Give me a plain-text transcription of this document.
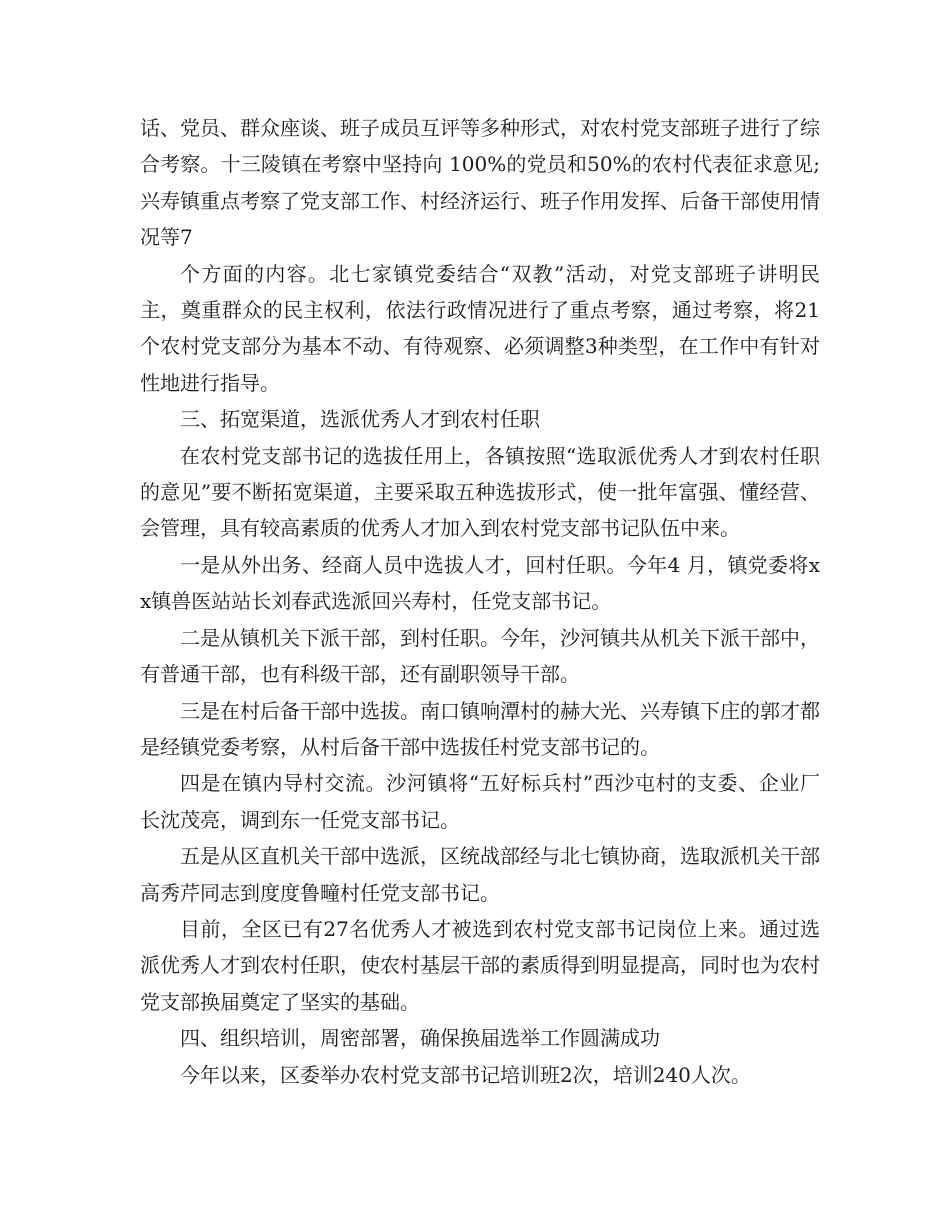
话、党员、群众座谈、班子成员互评等多种形式，对农村党支部班子进行了综合考察。十三陵镇在考察中坚持向 100%的党员和50%的农村代表征求意见;兴寿镇重点考察了党支部工作、村经济运行、班子作用发挥、后备干部使用情况等7

个方面的内容。北七家镇党委结合“双教”活动，对党支部班子讲明民主，奠重群众的民主权利，依法行政情况进行了重点考察，通过考察，将21个农村党支部分为基本不动、有待观察、必须调整3种类型，在工作中有针对性地进行指导。

三、拓宽渠道，选派优秀人才到农村任职

在农村党支部书记的选拔任用上，各镇按照“选取派优秀人才到农村任职的意见”要不断拓宽渠道，主要采取五种选拔形式，使一批年富强、懂经营、会管理，具有较高素质的优秀人才加入到农村党支部书记队伍中来。

一是从外出务、经商人员中选拔人才，回村任职。今年4 月，镇党委将xx镇兽医站站长刘春武选派回兴寿村，任党支部书记。

二是从镇机关下派干部，到村任职。今年，沙河镇共从机关下派干部中，有普通干部，也有科级干部，还有副职领导干部。

三是在村后备干部中选拔。南口镇响潭村的赫大光、兴寿镇下庄的郭才都是经镇党委考察，从村后备干部中选拔任村党支部书记的。

四是在镇内导村交流。沙河镇将“五好标兵村”西沙屯村的支委、企业厂长沈茂亮，调到东一任党支部书记。

五是从区直机关干部中选派，区统战部经与北七镇协商，选取派机关干部高秀芹同志到度度鲁疃村任党支部书记。

目前，全区已有27名优秀人才被选到农村党支部书记岗位上来。通过选派优秀人才到农村任职，使农村基层干部的素质得到明显提高，同时也为农村党支部换届奠定了坚实的基础。

四、组织培训，周密部署，确保换届选举工作圆满成功

今年以来，区委举办农村党支部书记培训班2次，培训240人次。
